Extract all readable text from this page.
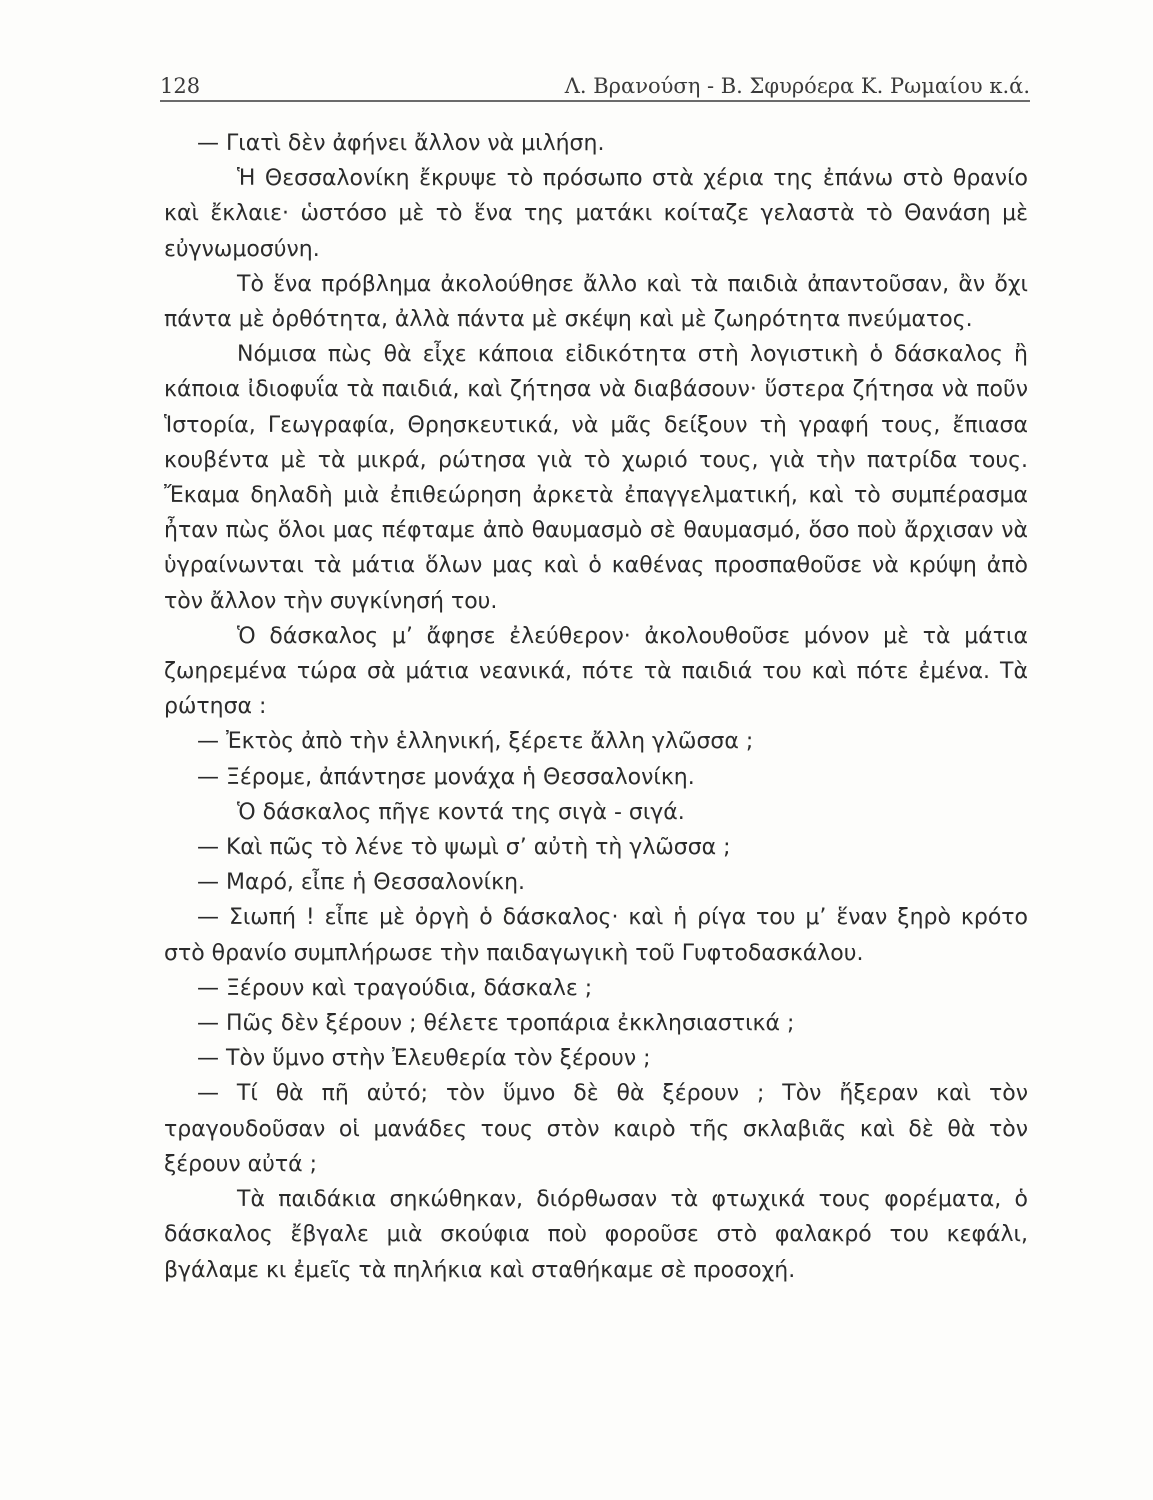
128	Λ. Βρανούση - Β. Σφυρόερα Κ. Ρωμαίου κ.ά.

— Γιατὶ δὲν ἀφήνει ἄλλον νὰ μιλήση.

Ἡ Θεσσαλονίκη ἔκρυψε τὸ πρόσωπο στὰ χέρια της ἐπάνω στὸ θρανίο καὶ ἔκλαιε· ὡστόσο μὲ τὸ ἕνα της ματάκι κοίταζε γελαστὰ τὸ Θανάση μὲ εὐγνωμοσύνη.

Τὸ ἕνα πρόβλημα ἀκολούθησε ἄλλο καὶ τὰ παιδιὰ ἀπαντοῦσαν, ἂν ὄχι πάντα μὲ ὀρθότητα, ἀλλὰ πάντα μὲ σκέψη καὶ μὲ ζωηρότητα πνεύματος.

Νόμισα πὼς θὰ εἶχε κάποια εἰδικότητα στὴ λογιστικὴ ὁ δάσκαλος ἢ κάποια ἰδιοφυΐα τὰ παιδιά, καὶ ζήτησα νὰ διαβάσουν· ὕστερα ζήτησα νὰ ποῦν Ἱστορία, Γεωγραφία, Θρησκευτικά, νὰ μᾶς δείξουν τὴ γραφή τους, ἔπιασα κουβέντα μὲ τὰ μικρά, ρώτησα γιὰ τὸ χωριό τους, γιὰ τὴν πατρίδα τους. Ἔκαμα δηλαδὴ μιὰ ἐπιθεώρηση ἀρκετὰ ἐπαγγελματική, καὶ τὸ συμπέρασμα ἦταν πὼς ὅλοι μας πέφταμε ἀπὸ θαυμασμὸ σὲ θαυμασμό, ὅσο ποὺ ἄρχισαν νὰ ὑγραίνωνται τὰ μάτια ὅλων μας καὶ ὁ καθένας προσπαθοῦσε νὰ κρύψη ἀπὸ τὸν ἄλλον τὴν συγκίνησή του.

Ὁ δάσκαλος μ’ ἄφησε ἐλεύθερον· ἀκολουθοῦσε μόνον μὲ τὰ μάτια ζωηρεμένα τώρα σὰ μάτια νεανικά, πότε τὰ παιδιά του καὶ πότε ἐμένα. Τὰ ρώτησα :

— Ἐκτὸς ἀπὸ τὴν ἑλληνική, ξέρετε ἄλλη γλῶσσα ;

— Ξέρομε, ἀπάντησε μονάχα ἡ Θεσσαλονίκη.

Ὁ δάσκαλος πῆγε κοντά της σιγὰ - σιγά.

— Καὶ πῶς τὸ λένε τὸ ψωμὶ σ’ αὐτὴ τὴ γλῶσσα ;

— Μαρό, εἶπε ἡ Θεσσαλονίκη.

— Σιωπή ! εἶπε μὲ ὀργὴ ὁ δάσκαλος· καὶ ἡ ρίγα του μ’ ἕναν ξηρὸ κρότο στὸ θρανίο συμπλήρωσε τὴν παιδαγωγικὴ τοῦ Γυφτοδασκάλου.

— Ξέρουν καὶ τραγούδια, δάσκαλε ;

— Πῶς δὲν ξέρουν ; θέλετε τροπάρια ἐκκλησιαστικά ;

— Τὸν ὕμνο στὴν Ἐλευθερία τὸν ξέρουν ;

— Τί θὰ πῆ αὐτό; τὸν ὕμνο δὲ θὰ ξέρουν ; Τὸν ἤξεραν καὶ τὸν τραγουδοῦσαν οἱ μανάδες τους στὸν καιρὸ τῆς σκλαβιᾶς καὶ δὲ θὰ τὸν ξέρουν αὐτά ;

Τὰ παιδάκια σηκώθηκαν, διόρθωσαν τὰ φτωχικά τους φορέματα, ὁ δάσκαλος ἔβγαλε μιὰ σκούφια ποὺ φοροῦσε στὸ φαλακρό του κεφάλι, βγάλαμε κι ἐμεῖς τὰ πηλήκια καὶ σταθήκαμε σὲ προσοχή.
